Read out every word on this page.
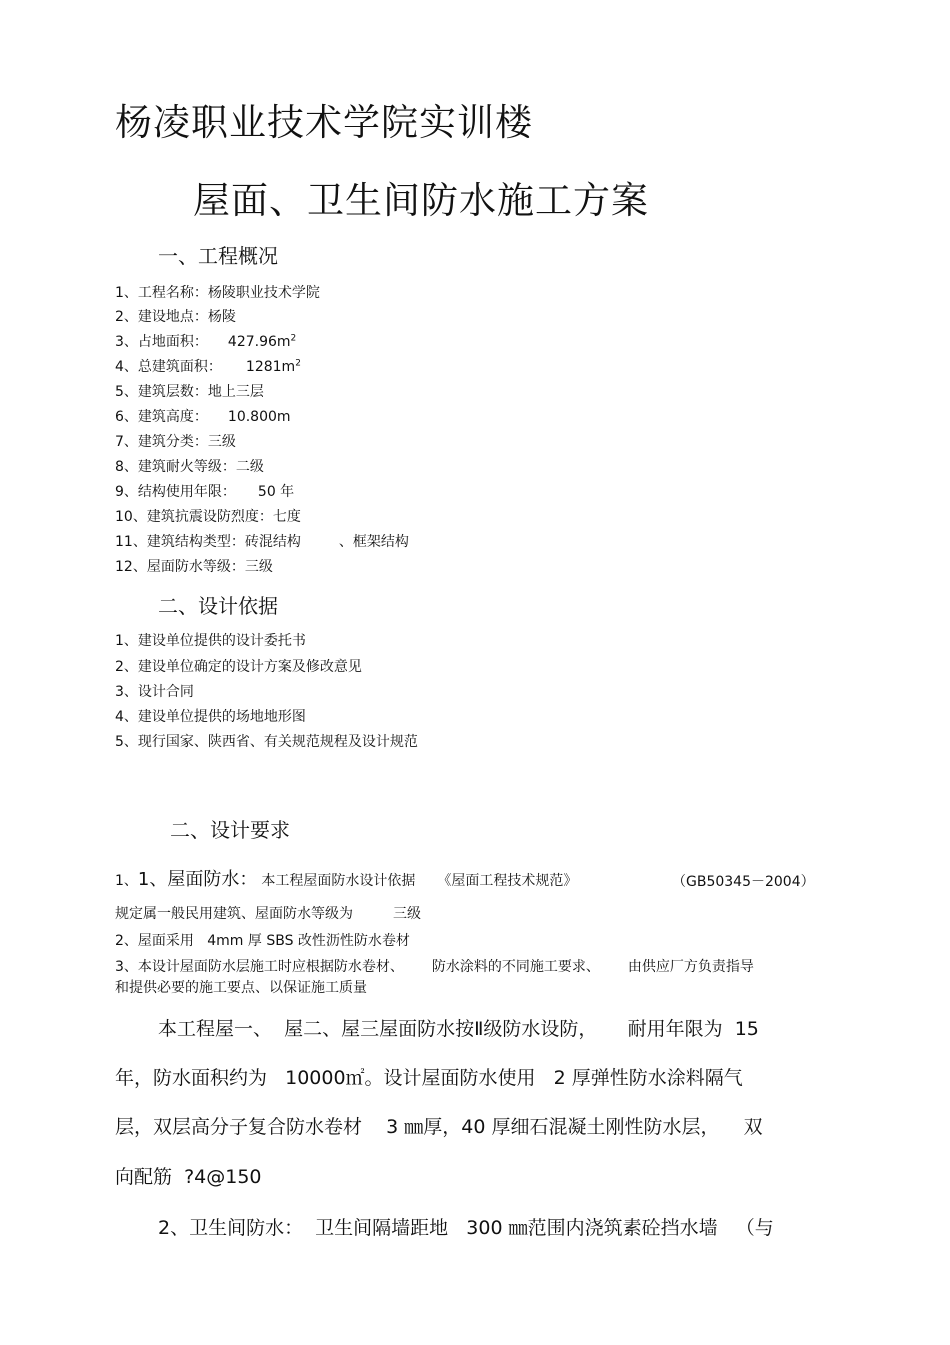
杨凌职业技术学院实训楼
屋面、卫生间防水施工方案
一、工程概况
1、工程名称：杨陵职业技术学院
2、建设地点：杨陵
3、占地面积： $427.96m^2$
4、总建筑面积： $1281m^2$
5、建筑层数：地上三层
6、建筑高度： 10.800m
7、建筑分类：三级
8、建筑耐火等级：二级
9、结构使用年限： 50 年
10、建筑抗震设防烈度：七度
11、建筑结构类型：砖混结构	、框架结构
12、屋面防水等级：三级
二、设计依据
1、建设单位提供的设计委托书
2、建设单位确定的设计方案及修改意见
3、设计合同
4、建设单位提供的场地地形图
5、现行国家、陕西省、有关规范规程及设计规范
二、设计要求
1、1、屋面防水： 本工程屋面防水设计依据 《屋面工程技术规范》	（GB50345－2004）
规定属一般民用建筑、屋面防水等级为	三级
2、屋面采用   4mm 厚 SBS 改性沥性防水卷材
3、本设计屋面防水层施工时应根据防水卷材、 防水涂料的不同施工要求、 由供应厂方负责指导
和提供必要的施工要点、以保证施工质量
本工程屋一、  屋二、屋三屋面防水按Ⅱ级防水设防，     耐用年限为  15
年，防水面积约为   10000㎡。设计屋面防水使用   2 厚弹性防水涂料隔气
层，双层高分子复合防水卷材    3 ㎜厚，40 厚细石混凝土刚性防水层，    双
向配筋  ?4@150
2、卫生间防水：  卫生间隔墙距地   300 ㎜范围内浇筑素砼挡水墙   （与
